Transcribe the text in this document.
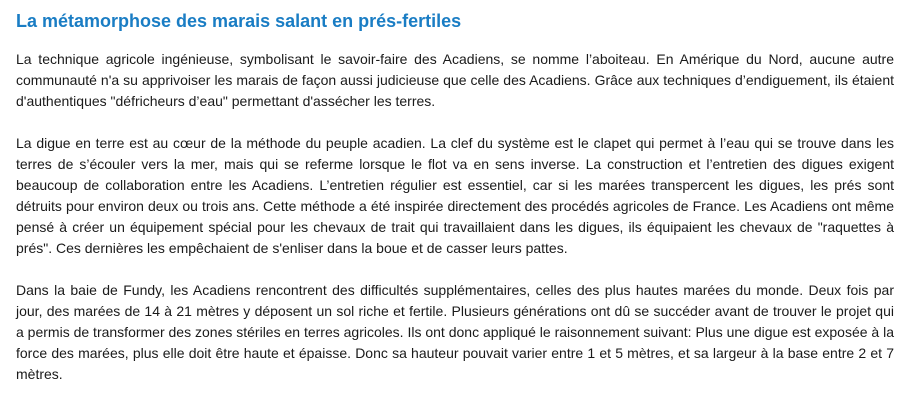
La métamorphose des marais salant en prés-fertiles

La technique agricole ingénieuse, symbolisant le savoir-faire des Acadiens, se nomme l’aboiteau. En Amérique du Nord, aucune autre communauté n'a su apprivoiser les marais de façon aussi judicieuse que celle des Acadiens. Grâce aux techniques d’endiguement, ils étaient d'authentiques "défricheurs d’eau" permettant d'assécher les terres.

La digue en terre est au cœur de la méthode du peuple acadien. La clef du système est le clapet qui permet à l’eau qui se trouve dans les terres de s’écouler vers la mer, mais qui se referme lorsque le flot va en sens inverse. La construction et l’entretien des digues exigent beaucoup de collaboration entre les Acadiens. L’entretien régulier est essentiel, car si les marées transpercent les digues, les prés sont détruits pour environ deux ou trois ans. Cette méthode a été inspirée directement des procédés agricoles de France. Les Acadiens ont même pensé à créer un équipement spécial pour les chevaux de trait qui travaillaient dans les digues, ils équipaient les chevaux de "raquettes à prés". Ces dernières les empêchaient de s'enliser dans la boue et de casser leurs pattes.

Dans la baie de Fundy, les Acadiens rencontrent des difficultés supplémentaires, celles des plus hautes marées du monde. Deux fois par jour, des marées de 14 à 21 mètres y déposent un sol riche et fertile. Plusieurs générations ont dû se succéder avant de trouver le projet qui a permis de transformer des zones stériles en terres agricoles. Ils ont donc appliqué le raisonnement suivant: Plus une digue est exposée à la force des marées, plus elle doit être haute et épaisse. Donc sa hauteur pouvait varier entre 1 et 5 mètres, et sa largeur à la base entre 2 et 7 mètres.
